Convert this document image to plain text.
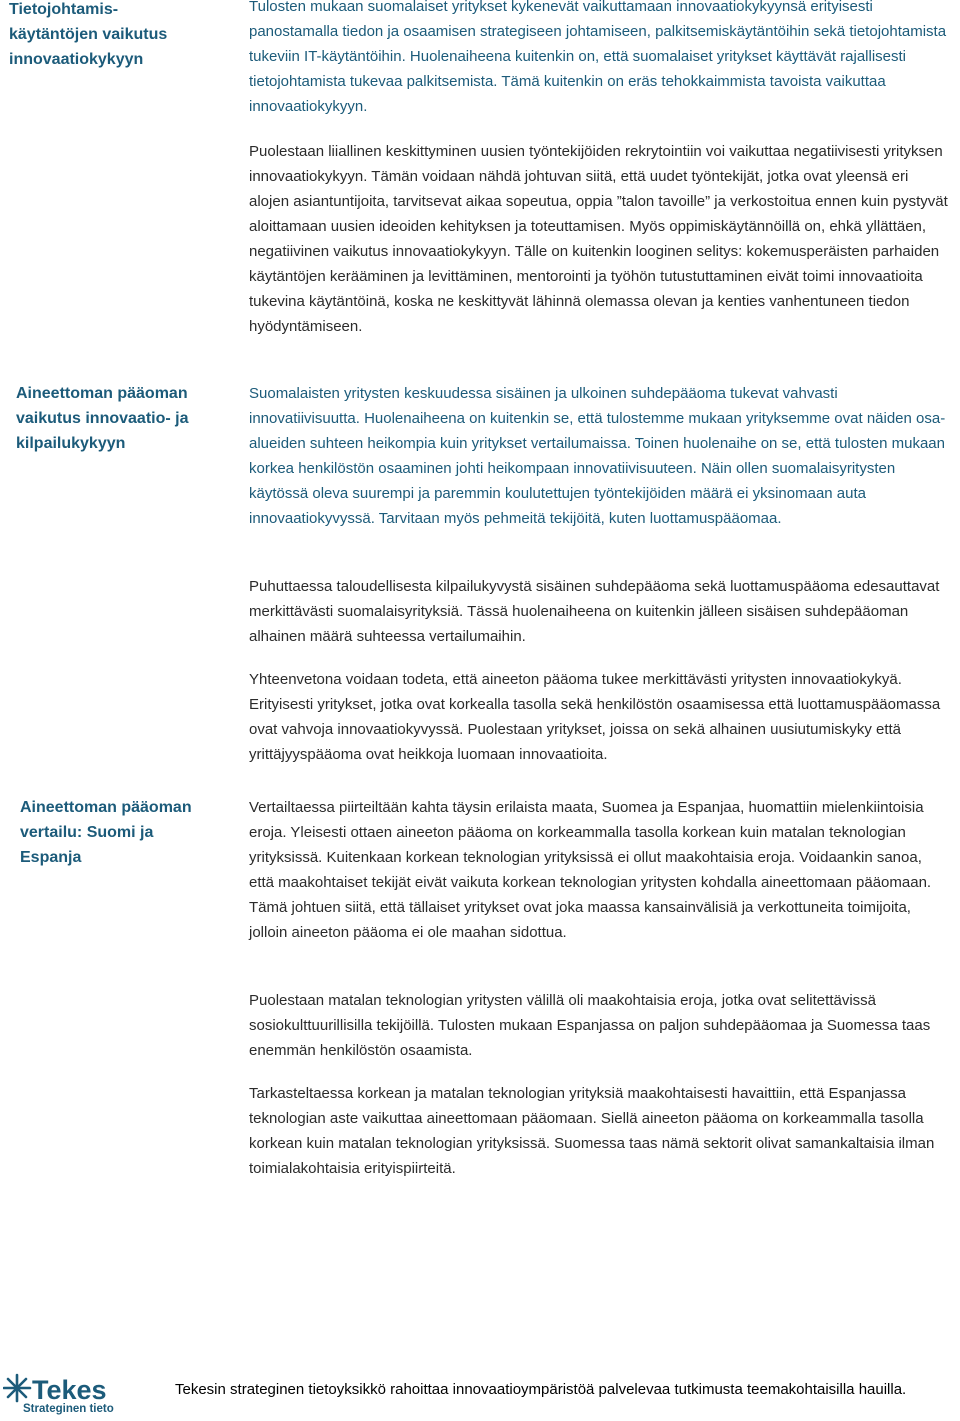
Tietojohtamis-
käytäntöjen vaikutus
innovaatiokykyyn
Aineettoman pääoman
vaikutus innovaatio- ja
kilpailukykyyn
Aineettoman pääoman
vertailu: Suomi ja
Espanja

Tulosten mukaan suomalaiset yritykset kykenevät vaikuttamaan innovaatiokykyynsä erityisesti panostamalla tiedon ja osaamisen strategiseen johtamiseen, palkitsemiskäytäntöihin sekä tietojohtamista tukeviin IT-käytäntöihin. Huolenaiheena kuitenkin on, että suomalaiset yritykset käyttävät rajallisesti tietojohtamista tukevaa palkitsemista. Tämä kuitenkin on eräs tehokkaimmista tavoista vaikuttaa innovaatiokykyyn.

Puolestaan liiallinen keskittyminen uusien työntekijöiden rekrytointiin voi vaikuttaa negatiivisesti yrityksen innovaatiokykyyn. Tämän voidaan nähdä johtuvan siitä, että uudet työntekijät, jotka ovat yleensä eri alojen asiantuntijoita, tarvitsevat aikaa sopeutua, oppia ”talon tavoille” ja verkostoitua ennen kuin pystyvät aloittamaan uusien ideoiden kehityksen ja toteuttamisen. Myös oppimiskäytännöillä on, ehkä yllättäen, negatiivinen vaikutus innovaatiokykyyn. Tälle on kuitenkin looginen selitys: kokemusperäisten parhaiden käytäntöjen kerääminen ja levittäminen, mentorointi ja työhön tutustuttaminen eivät toimi innovaatioita tukevina käytäntöinä, koska ne keskittyvät lähinnä olemassa olevan ja kenties vanhentuneen tiedon hyödyntämiseen.

Suomalaisten yritysten keskuudessa sisäinen ja ulkoinen suhdepääoma tukevat vahvasti innovatiivisuutta. Huolenaiheena on kuitenkin se, että tulostemme mukaan yrityksemme ovat näiden osa-alueiden suhteen heikompia kuin yritykset vertailumaissa. Toinen huolenaihe on se, että tulosten mukaan korkea henkilöstön osaaminen johti heikompaan innovatiivisuuteen. Näin ollen suomalaisyritysten käytössä oleva suurempi ja paremmin koulutettujen työntekijöiden määrä ei yksinomaan auta innovaatiokyvyssä. Tarvitaan myös pehmeitä tekijöitä, kuten luottamuspääomaa.

Puhuttaessa taloudellisesta kilpailukyvystä sisäinen suhdepääoma sekä luottamuspääoma edesauttavat merkittävästi suomalaisyrityksiä. Tässä huolenaiheena on kuitenkin jälleen sisäisen suhdepääoman alhainen määrä suhteessa vertailumaihin.

Yhteenvetona voidaan todeta, että aineeton pääoma tukee merkittävästi yritysten innovaatiokykyä. Erityisesti yritykset, jotka ovat korkealla tasolla sekä henkilöstön osaamisessa että luottamuspääomassa ovat vahvoja innovaatiokyvyssä. Puolestaan yritykset, joissa on sekä alhainen uusiutumiskyky että yrittäjyyspääoma ovat heikkoja luomaan innovaatioita.

Vertailtaessa piirteiltään kahta täysin erilaista maata, Suomea ja Espanjaa, huomattiin mielenkiintoisia eroja. Yleisesti ottaen aineeton pääoma on korkeammalla tasolla korkean kuin matalan teknologian yrityksissä. Kuitenkaan korkean teknologian yrityksissä ei ollut maakohtaisia eroja. Voidaankin sanoa, että maakohtaiset tekijät eivät vaikuta korkean teknologian yritysten kohdalla aineettomaan pääomaan. Tämä johtuen siitä, että tällaiset yritykset ovat joka maassa kansainvälisiä ja verkottuneita toimijoita, jolloin aineeton pääoma ei ole maahan sidottua.

Puolestaan matalan teknologian yritysten välillä oli maakohtaisia eroja, jotka ovat selitettävissä sosiokulttuurillisilla tekijöillä. Tulosten mukaan Espanjassa on paljon suhdepääomaa ja Suomessa taas enemmän henkilöstön osaamista.

Tarkasteltaessa korkean ja matalan teknologian yrityksiä maakohtaisesti havaittiin, että Espanjassa teknologian aste vaikuttaa aineettomaan pääomaan. Siellä aineeton pääoma on korkeammalla tasolla korkean kuin matalan teknologian yrityksissä. Suomessa taas nämä sektorit olivat samankaltaisia ilman toimialakohtaisia erityispiirteitä.

Tekes
Strateginen tieto
Tekesin strateginen tietoyksikkö rahoittaa innovaatioympäristöä palvelevaa tutkimusta teemakohtaisilla hauilla.
